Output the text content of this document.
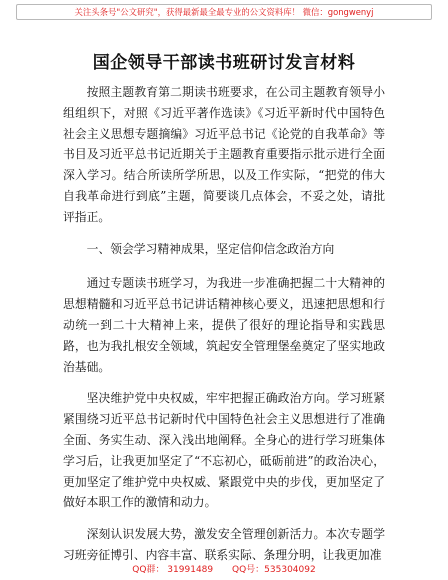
关注头条号"公文研究"，获得最新最全最专业的公文资料库！ 微信：gongwenyj
国企领导干部读书班研讨发言材料

按照主题教育第二期读书班要求，在公司主题教育领导小组组织下，对照《习近平著作选读》《习近平新时代中国特色社会主义思想专题摘编》习近平总书记《论党的自我革命》等书目及习近平总书记近期关于主题教育重要指示批示进行全面深入学习。结合所读所学所思，以及工作实际，“把党的伟大自我革命进行到底”主题，简要谈几点体会，不妥之处，请批评指正。

一、领会学习精神成果，坚定信仰信念政治方向

通过专题读书班学习，为我进一步准确把握二十大精神的思想精髓和习近平总书记讲话精神核心要义，迅速把思想和行动统一到二十大精神上来，提供了很好的理论指导和实践思路，也为我扎根安全领域，筑起安全管理堡垒奠定了坚实地政治基础。

坚决维护党中央权威，牢牢把握正确政治方向。学习班紧紧围绕习近平总书记新时代中国特色社会主义思想进行了准确全面、务实生动、深入浅出地阐释。全身心的进行学习班集体学习后，让我更加坚定了“不忘初心，砥砺前进”的政治决心，更加坚定了维护党中央权威、紧跟党中央的步伐，更加坚定了做好本职工作的激情和动力。

深刻认识发展大势，激发安全管理创新活力。本次专题学习班旁征博引、内容丰富、联系实际、条理分明，让我更加准

QQ群： 31991489 QQ号：535304092
